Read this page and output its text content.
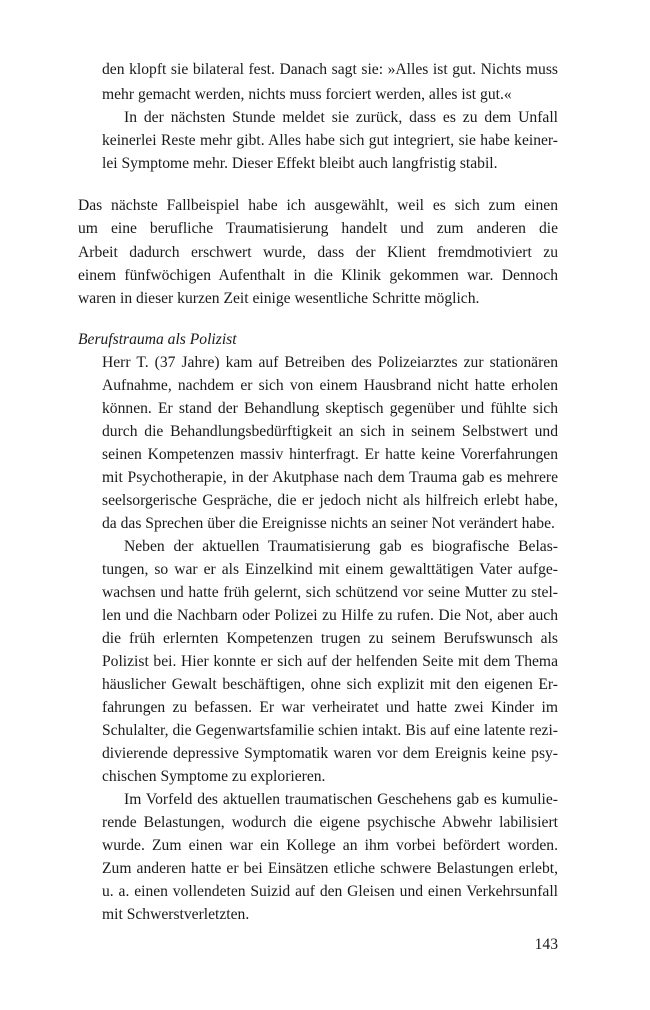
den klopft sie bilateral fest. Danach sagt sie: »Alles ist gut. Nichts muss
mehr gemacht werden, nichts muss forciert werden, alles ist gut.«
In der nächsten Stunde meldet sie zurück, dass es zu dem Unfall
keinerlei Reste mehr gibt. Alles habe sich gut integriert, sie habe keiner-
lei Symptome mehr. Dieser Effekt bleibt auch langfristig stabil.
Das nächste Fallbeispiel habe ich ausgewählt, weil es sich zum einen
um eine berufliche Traumatisierung handelt und zum anderen die
Arbeit dadurch erschwert wurde, dass der Klient fremdmotiviert zu
einem fünfwöchigen Aufenthalt in die Klinik gekommen war. Dennoch
waren in dieser kurzen Zeit einige wesentliche Schritte möglich.
Berufstrauma als Polizist
Herr T. (37 Jahre) kam auf Betreiben des Polizeiarztes zur stationären
Aufnahme, nachdem er sich von einem Hausbrand nicht hatte erholen
können. Er stand der Behandlung skeptisch gegenüber und fühlte sich
durch die Behandlungsbedürftigkeit an sich in seinem Selbstwert und
seinen Kompetenzen massiv hinterfragt. Er hatte keine Vorerfahrungen
mit Psychotherapie, in der Akutphase nach dem Trauma gab es mehrere
seelsorgerische Gespräche, die er jedoch nicht als hilfreich erlebt habe,
da das Sprechen über die Ereignisse nichts an seiner Not verändert habe.
Neben der aktuellen Traumatisierung gab es biografische Belas-
tungen, so war er als Einzelkind mit einem gewalttätigen Vater aufge-
wachsen und hatte früh gelernt, sich schützend vor seine Mutter zu stel-
len und die Nachbarn oder Polizei zu Hilfe zu rufen. Die Not, aber auch
die früh erlernten Kompetenzen trugen zu seinem Berufswunsch als
Polizist bei. Hier konnte er sich auf der helfenden Seite mit dem Thema
häuslicher Gewalt beschäftigen, ohne sich explizit mit den eigenen Er-
fahrungen zu befassen. Er war verheiratet und hatte zwei Kinder im
Schulalter, die Gegenwartsfamilie schien intakt. Bis auf eine latente rezi-
divierende depressive Symptomatik waren vor dem Ereignis keine psy-
chischen Symptome zu explorieren.
Im Vorfeld des aktuellen traumatischen Geschehens gab es kumulie-
rende Belastungen, wodurch die eigene psychische Abwehr labilisiert
wurde. Zum einen war ein Kollege an ihm vorbei befördert worden.
Zum anderen hatte er bei Einsätzen etliche schwere Belastungen erlebt,
u. a. einen vollendeten Suizid auf den Gleisen und einen Verkehrsunfall
mit Schwerstverletzten.
143
